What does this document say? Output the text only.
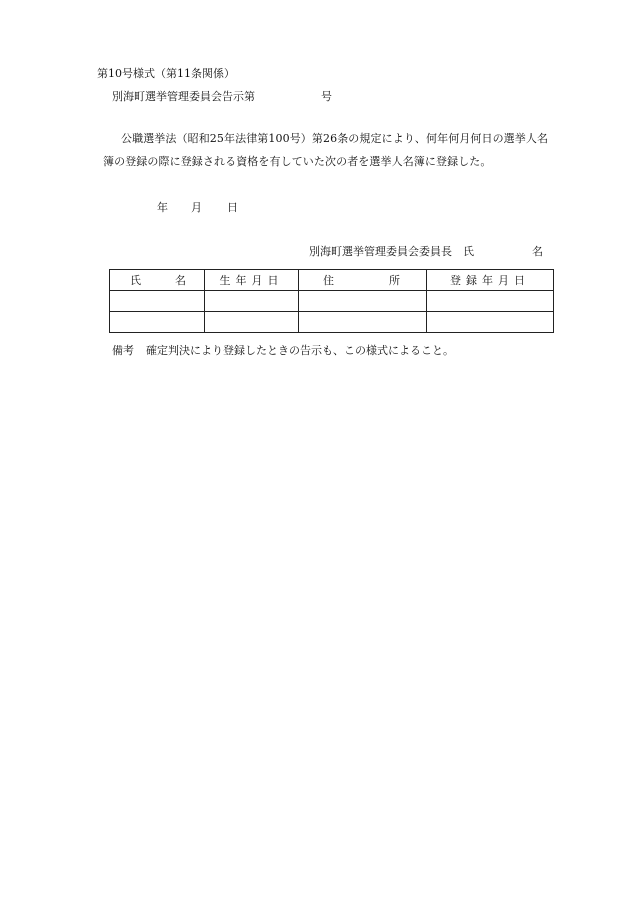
第10号様式（第11条関係）
別海町選挙管理委員会告示第	号
公職選挙法（昭和25年法律第100号）第26条の規定により、何年何月何日の選挙人名
簿の登録の際に登録される資格を有していた次の者を選挙人名簿に登録した。
年 月 日
別海町選挙管理委員会委員長　氏	名
氏 名	生年月日	住 所	登録年月日

備考 確定判決により登録したときの告示も、この様式によること。
